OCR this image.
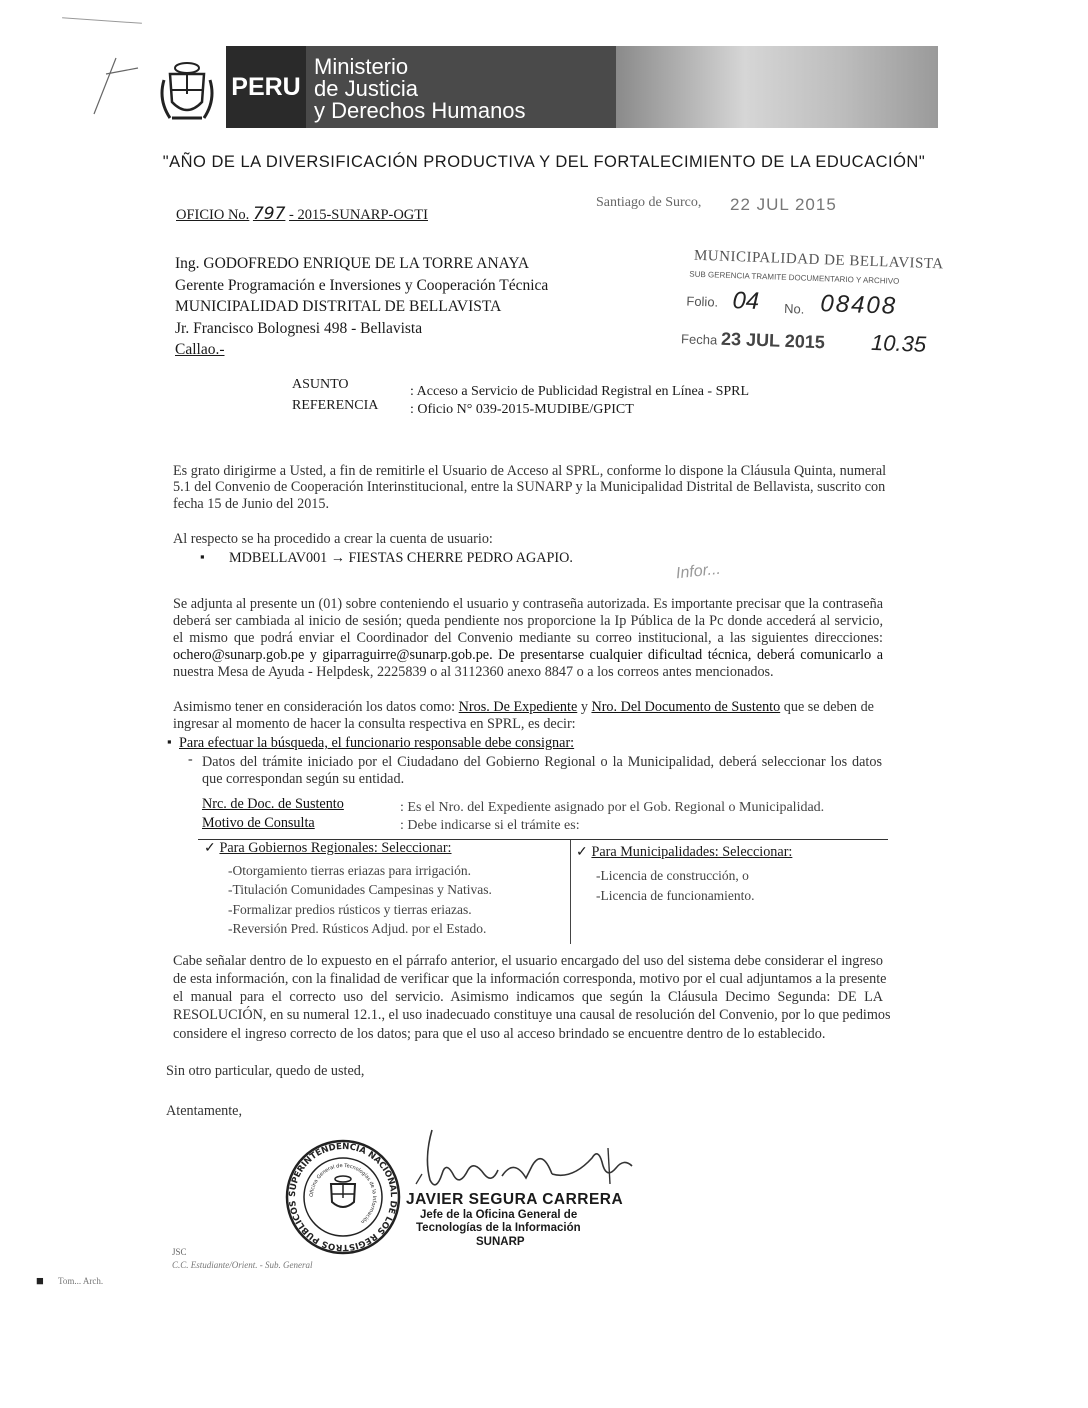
PERU
Ministerio
de Justicia
y Derechos Humanos
"AÑO DE LA DIVERSIFICACIÓN PRODUCTIVA Y DEL FORTALECIMIENTO DE LA EDUCACIÓN"
OFICIO No. 797 - 2015-SUNARP-OGTI
Santiago de Surco, 22 JUL 2015
Ing. GODOFREDO ENRIQUE DE LA TORRE ANAYA
Gerente Programación e Inversiones y Cooperación Técnica
MUNICIPALIDAD DISTRITAL DE BELLAVISTA
Jr. Francisco Bolognesi 498 - Bellavista
Callao.-
MUNICIPALIDAD DE BELLAVISTA
SUB GERENCIA TRAMITE DOCUMENTARIO Y ARCHIVO
Folio. 04 No. 08408
Fecha 23 JUL 2015 10.35
ASUNTO	: Acceso a Servicio de Publicidad Registral en Línea - SPRL
REFERENCIA : Oficio N° 039-2015-MUDIBE/GPICT
Es grato dirigirme a Usted, a fin de remitirle el Usuario de Acceso al SPRL, conforme lo dispone la Cláusula Quinta, numeral
5.1 del Convenio de Cooperación Interinstitucional, entre la SUNARP y la Municipalidad Distrital de Bellavista, suscrito con
fecha 15 de Junio del 2015.
Al respecto se ha procedido a crear la cuenta de usuario:
▪ MDBELLAV001 → FIESTAS CHERRE PEDRO AGAPIO.
Infor...
Se adjunta al presente un (01) sobre conteniendo el usuario y contraseña autorizada. Es importante precisar que la contraseña
deberá ser cambiada al inicio de sesión; queda pendiente nos proporcione la Ip Pública de la Pc donde accederá al servicio,
el mismo que podrá enviar el Coordinador del Convenio mediante su correo institucional, a las siguientes direcciones:
ochero@sunarp.gob.pe y giparraguirre@sunarp.gob.pe. De presentarse cualquier dificultad técnica, deberá comunicarlo a
nuestra Mesa de Ayuda - Helpdesk, 2225839 o al 3112360 anexo 8847 o a los correos antes mencionados.
Asimismo tener en consideración los datos como: Nros. De Expediente y Nro. Del Documento de Sustento que se deben de
ingresar al momento de hacer la consulta respectiva en SPRL, es decir:
▪ Para efectuar la búsqueda, el funcionario responsable debe consignar:
- Datos del trámite iniciado por el Ciudadano del Gobierno Regional o la Municipalidad, deberá seleccionar los datos
que correspondan según su entidad.
Nrc. de Doc. de Sustento	: Es el Nro. del Expediente asignado por el Gob. Regional o Municipalidad.
Motivo de Consulta	: Debe indicarse si el trámite es:
✓ Para Gobiernos Regionales: Seleccionar:
-Otorgamiento tierras eriazas para irrigación.
-Titulación Comunidades Campesinas y Nativas.
-Formalizar predios rústicos y tierras eriazas.
-Reversión Pred. Rústicos Adjud. por el Estado.
✓ Para Municipalidades: Seleccionar:
-Licencia de construcción, o
-Licencia de funcionamiento.
Cabe señalar dentro de lo expuesto en el párrafo anterior, el usuario encargado del uso del sistema debe considerar el ingreso
de esta información, con la finalidad de verificar que la información corresponda, motivo por el cual adjuntamos a la presente
el manual para el correcto uso del servicio. Asimismo indicamos que según la Cláusula Decimo Segunda: DE LA
RESOLUCIÓN, en su numeral 12.1., el uso inadecuado constituye una causal de resolución del Convenio, por lo que pedimos
considere el ingreso correcto de los datos; para que el uso al acceso brindado se encuentre dentro de lo establecido.
Sin otro particular, quedo de usted,
Atentamente,
SUPERINTENDENCIA NACIONAL DE LOS REGISTROS PÚBLICOS
Oficina General de Tecnologías de la Información
JAVIER SEGURA CARRERA
Jefe de la Oficina General de
Tecnologías de la Información
SUNARP
JSC
C.C. Estudiante/Orient. - Sub. General
■ Tom... Arch.
